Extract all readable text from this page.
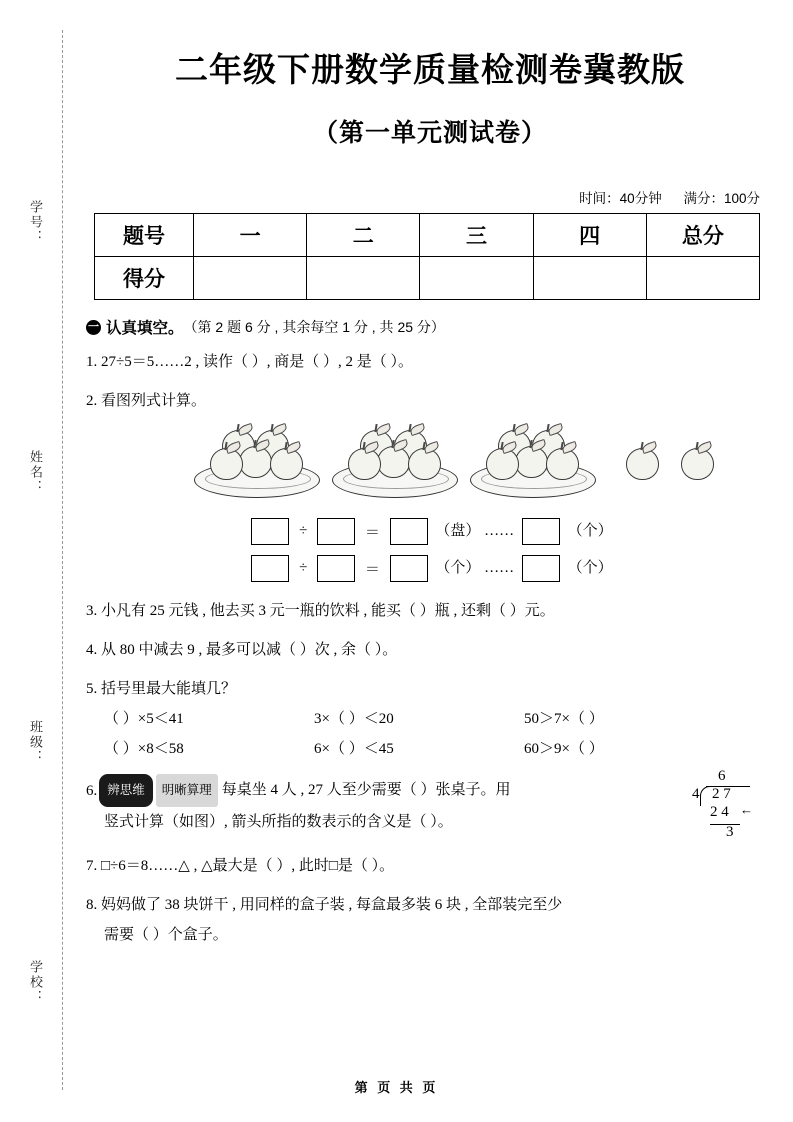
学号：
姓名：
班级：
学校：
二年级下册数学质量检测卷冀教版
（第一单元测试卷）
时间：40分钟 满分：100分
题号	一	二	三	四	总分
得分					
一 认真填空。 （第 2 题 6 分 , 其余每空 1 分 , 共 25 分）
1. 27÷5＝5……2 , 读作（ ）, 商是（ ）, 2 是（ ）。
2. 看图列式计算。

÷	＝	（盘） ……	（个）
÷	＝	（个） ……	（个）
3. 小凡有 25 元钱 , 他去买 3 元一瓶的饮料 , 能买（ ）瓶 , 还剩（ ）元。
4. 从 80 中减去 9 , 最多可以减（ ）次 , 余（ ）。
5. 括号里最大能填几？
（ ）×5＜41	3×（ ）＜20	50＞7×（ ）
（ ）×8＜58	6×（ ）＜45	60＞9×（ ）
6. 辨思维	明晰算理 每桌坐 4 人 , 27 人至少需要（ ）张桌子。用
竖式计算（如图）, 箭头所指的数表示的含义是（ ）。
6
4 2 7
2 4 ←
3
7. □÷6＝8……△ , △最大是（ ）, 此时□是（ ）。
8. 妈妈做了 38 块饼干 , 用同样的盒子装 , 每盒最多装 6 块 , 全部装完至少
需要（ ）个盒子。
第 页 共 页
